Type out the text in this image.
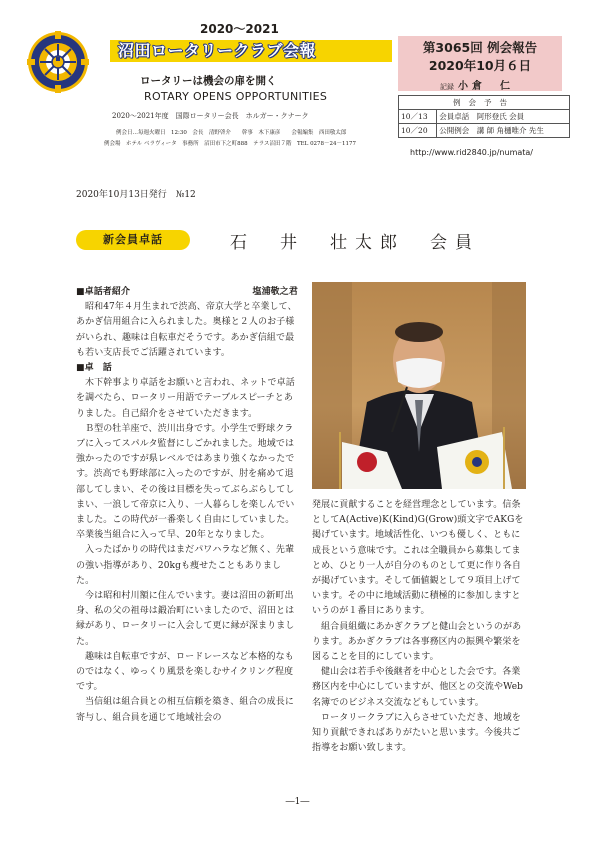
2020～2021
沼田ロータリークラブ会報
ロータリーは機会の扉を開く
ROTARY OPENS OPPORTUNITIES
2020～2021年度　国際ロータリー会長　ホルガー・クナーク
例会日…毎週火曜日　12:30　会長　清野啓介　　幹事　木下康彦　　会報編集　西田敬太郎
例会場　ホテル ベラヴィータ　事務所　沼田市下之町888　テラス沼田７階　TEL 0278－24－1177
第3065回 例会報告
2020年10月６日
記録 小倉　仁
例会予告	
10／13	会員卓話　阿形登氏 会員
10／20	公開例会　講 師 角樋唯介 先生
http://www.rid2840.jp/numata/
2020年10月13日発行　№12
新会員卓話	石　井　壮太郎　会員
■卓話者紹介	塩浦敬之君

昭和47年４月生まれで渋高、帝京大学と卒業して、あかぎ信用組合に入られました。奥様と２人のお子様がいられ、趣味は自転車だそうです。あかぎ信組で最も若い支店長でご活躍されています。

■卓　話

木下幹事より卓話をお願いと言われ、ネットで卓話を調べたら、ロータリー用語でテーブルスピーチとありました。自己紹介をさせていただきます。

Ｂ型の牡羊座で、渋川出身です。小学生で野球クラブに入ってスパルタ監督にしごかれました。地域では強かったのですが県レベルではあまり強くなかったです。渋高でも野球部に入ったのですが、肘を痛めて退部してしまい、その後は目標を失ってぶらぶらしてしまい、一浪して帝京に入り、一人暮らしを楽しんでいました。この時代が一番楽しく自由にしていました。卒業後当組合に入って早、20年となりました。

入ったばかりの時代はまだパワハラなど無く、先輩の強い指導があり、20kgも痩せたこともありました。

今は昭和村川額に住んでいます。妻は沼田の新町出身、私の父の祖母は鍛冶町にいましたので、沼田とは縁があり、ロータリーに入会して更に縁が深まりました。

趣味は自転車ですが、ロードレースなど本格的なものではなく、ゆっくり風景を楽しむサイクリング程度です。

当信組は組合員との相互信頼を築き、組合の成長に寄与し、組合員を通じて地域社会の

発展に貢献することを経営理念としています。信条としてA(Active)K(Kind)G(Grow)頭文字でAKGを掲げています。地域活性化、いつも優しく、ともに成長という意味です。これは全職員から募集してまとめ、ひとり一人が自分のものとして更に作り各自が掲げています。そして価値観として９項目上げています。その中に地域活動に積極的に参加しますというのが１番目にあります。

組合員組織にあかぎクラブと健山会というのがあります。あかぎクラブは各事務区内の振興や繁栄を図ることを目的にしています。

健山会は若手や後継者を中心とした会です。各業務区内を中心にしていますが、他区との交流やWeb名簿でのビジネス交流などもしています。

ロータリークラブに入らさせていただき、地域を知り貢献できればありがたいと思います。今後共ご指導をお願い致します。

―1―
